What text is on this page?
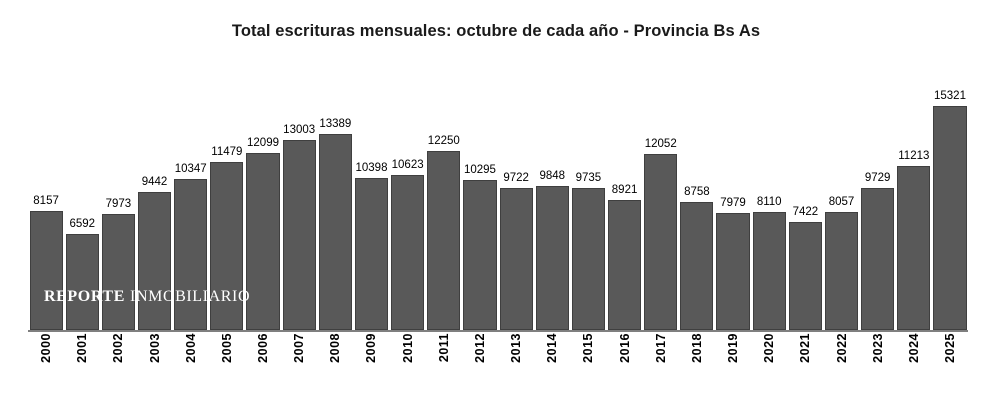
Total escrituras mensuales: octubre de cada año - Provincia Bs As
8157
6592
7973
9442
10347
11479
12099
13003 13389
10398 10623
12250
10295
9722 9848 9735
8921
12052
8758
7979 8110
7422
8057
9729
11213
15321
2000 2001 2002 2003 2004 2005 2006 2007 2008 2009 2010 2011 2012 2013 2014 2015 2016 2017 2018 2019 2020 2021 2022 2023 2024 2025
REPORTE INMOBILIARIO
